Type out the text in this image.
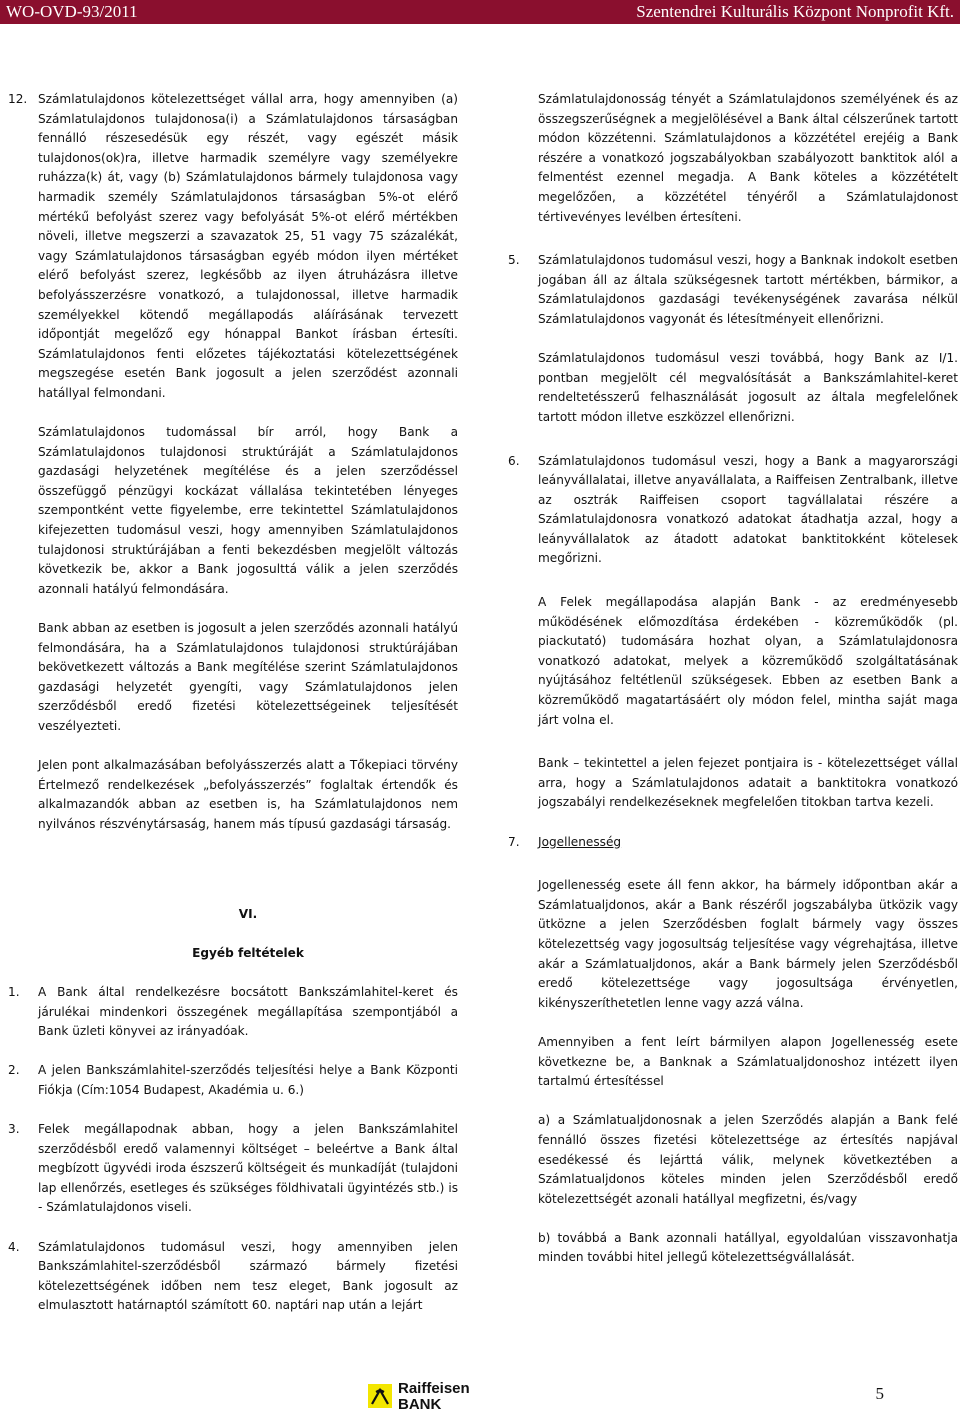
WO-OVD-93/2011	Szentendrei Kulturális Központ Nonprofit Kft.
12. Számlatulajdonos kötelezettséget vállal arra, hogy amennyiben (a) Számlatulajdonos tulajdonosa(i) a Számlatulajdonos társaságban fennálló részesedésük egy részét, vagy egészét másik tulajdonos(ok)ra, illetve harmadik személyre vagy személyekre ruházza(k) át, vagy (b) Számlatulajdonos bármely tulajdonosa vagy harmadik személy Számlatulajdonos társaságban 5%-ot elérő mértékű befolyást szerez vagy befolyását 5%-ot elérő mértékben növeli, illetve megszerzi a szavazatok 25, 51 vagy 75 százalékát, vagy Számlatulajdonos társaságban egyéb módon ilyen mértéket elérő befolyást szerez, legkésőbb az ilyen átruházásra illetve befolyásszerzésre vonatkozó, a tulajdonossal, illetve harmadik személyekkel kötendő megállapodás aláírásának tervezett időpontját megelőző egy hónappal Bankot írásban értesíti. Számlatulajdonos fenti előzetes tájékoztatási kötelezettségének megszegése esetén Bank jogosult a jelen szerződést azonnali hatállyal felmondani.

Számlatulajdonos tudomással bír arról, hogy Bank a Számlatulajdonos tulajdonosi struktúráját a Számlatulajdonos gazdasági helyzetének megítélése és a jelen szerződéssel összefüggő pénzügyi kockázat vállalása tekintetében lényeges szempontként vette figyelembe, erre tekintettel Számlatulajdonos kifejezetten tudomásul veszi, hogy amennyiben Számlatulajdonos tulajdonosi struktúrájában a fenti bekezdésben megjelölt változás következik be, akkor a Bank jogosulttá válik a jelen szerződés azonnali hatályú felmondására.

Bank abban az esetben is jogosult a jelen szerződés azonnali hatályú felmondására, ha a Számlatulajdonos tulajdonosi struktúrájában bekövetkezett változás a Bank megítélése szerint Számlatulajdonos gazdasági helyzetét gyengíti, vagy Számlatulajdonos jelen szerződésből eredő fizetési kötelezettségeinek teljesítését veszélyezteti.

Jelen pont alkalmazásában befolyásszerzés alatt a Tőkepiaci törvény Értelmező rendelkezések „befolyásszerzés” foglaltak értendők és alkalmazandók abban az esetben is, ha Számlatulajdonos nem nyilvános részvénytársaság, hanem más típusú gazdasági társaság.

VI.
Egyéb feltételek
1. A Bank által rendelkezésre bocsátott Bankszámlahitel-keret és járulékai mindenkori összegének megállapítása szempontjából a Bank üzleti könyvei az irányadóak.

2. A jelen Bankszámlahitel-szerződés teljesítési helye a Bank Központi Fiókja (Cím:1054 Budapest, Akadémia u. 6.)

3. Felek megállapodnak abban, hogy a jelen Bankszámlahitel szerződésből eredő valamennyi költséget – beleértve a Bank által megbízott ügyvédi iroda észszerű költségeit és munkadíját (tulajdoni lap ellenőrzés, esetleges és szükséges földhivatali ügyintézés stb.) is - Számlatulajdonos viseli.

4. Számlatulajdonos tudomásul veszi, hogy amennyiben jelen Bankszámlahitel-szerződésből származó bármely fizetési kötelezettségének időben nem tesz eleget, Bank jogosult az elmulasztott határnaptól számított 60. naptári nap után a lejárt

Számlatulajdonosság tényét a Számlatulajdonos személyének és az összegszerűségnek a megjelölésével a Bank által célszerűnek tartott módon közzétenni. Számlatulajdonos a közzététel erejéig a Bank részére a vonatkozó jogszabályokban szabályozott banktitok alól a felmentést ezennel megadja. A Bank köteles a közzétételt megelőzően, a közzététel tényéről a Számlatulajdonost tértivevényes levélben értesíteni.

5. Számlatulajdonos tudomásul veszi, hogy a Banknak indokolt esetben jogában áll az általa szükségesnek tartott mértékben, bármikor, a Számlatulajdonos gazdasági tevékenységének zavarása nélkül Számlatulajdonos vagyonát és létesítményeit ellenőrizni.

Számlatulajdonos tudomásul veszi továbbá, hogy Bank az I/1. pontban megjelölt cél megvalósítását a Bankszámlahitel-keret rendeltetésszerű felhasználását jogosult az általa megfelelőnek tartott módon illetve eszközzel ellenőrizni.

6. Számlatulajdonos tudomásul veszi, hogy a Bank a magyarországi leányvállalatai, illetve anyavállalata, a Raiffeisen Zentralbank, illetve az osztrák Raiffeisen csoport tagvállalatai részére a Számlatulajdonosra vonatkozó adatokat átadhatja azzal, hogy a leányvállalatok az átadott adatokat banktitokként kötelesek megőrizni.

A Felek megállapodása alapján Bank - az eredményesebb működésének előmozdítása érdekében - közreműködők (pl. piackutató) tudomására hozhat olyan, a Számlatulajdonosra vonatkozó adatokat, melyek a közreműködő szolgáltatásának nyújtásához feltétlenül szükségesek. Ebben az esetben Bank a közreműködő magatartásáért oly módon felel, mintha saját maga járt volna el.

Bank – tekintettel a jelen fejezet pontjaira is - kötelezettséget vállal arra, hogy a Számlatulajdonos adatait a banktitokra vonatkozó jogszabályi rendelkezéseknek megfelelően titokban tartva kezeli.

7. Jogellenesség

Jogellenesség esete áll fenn akkor, ha bármely időpontban akár a Számlatualjdonos, akár a Bank részéről jogszabályba ütközik vagy ütközne a jelen Szerződésben foglalt bármely vagy összes kötelezettség vagy jogosultság teljesítése vagy végrehajtása, illetve akár a Számlatualjdonos, akár a Bank bármely jelen Szerződésből eredő kötelezettsége vagy jogosultsága érvényetlen, kikényszeríthetetlen lenne vagy azzá válna.

Amennyiben a fent leírt bármilyen alapon Jogellenesség esete következne be, a Banknak a Számlatualjdonoshoz intézett ilyen tartalmú értesítéssel

a) a Számlatualjdonosnak a jelen Szerződés alapján a Bank felé fennálló összes fizetési kötelezettsége az értesítés napjával esedékessé és lejárttá válik, melynek következtében a Számlatualjdonos köteles minden jelen Szerződésből eredő kötelezettségét azonali hatállyal megfizetni, és/vagy

b) továbbá a Bank azonnali hatállyal, egyoldalúan visszavonhatja minden további hitel jellegű kötelezettségvállalását.

Raiffeisen
BANK
5
